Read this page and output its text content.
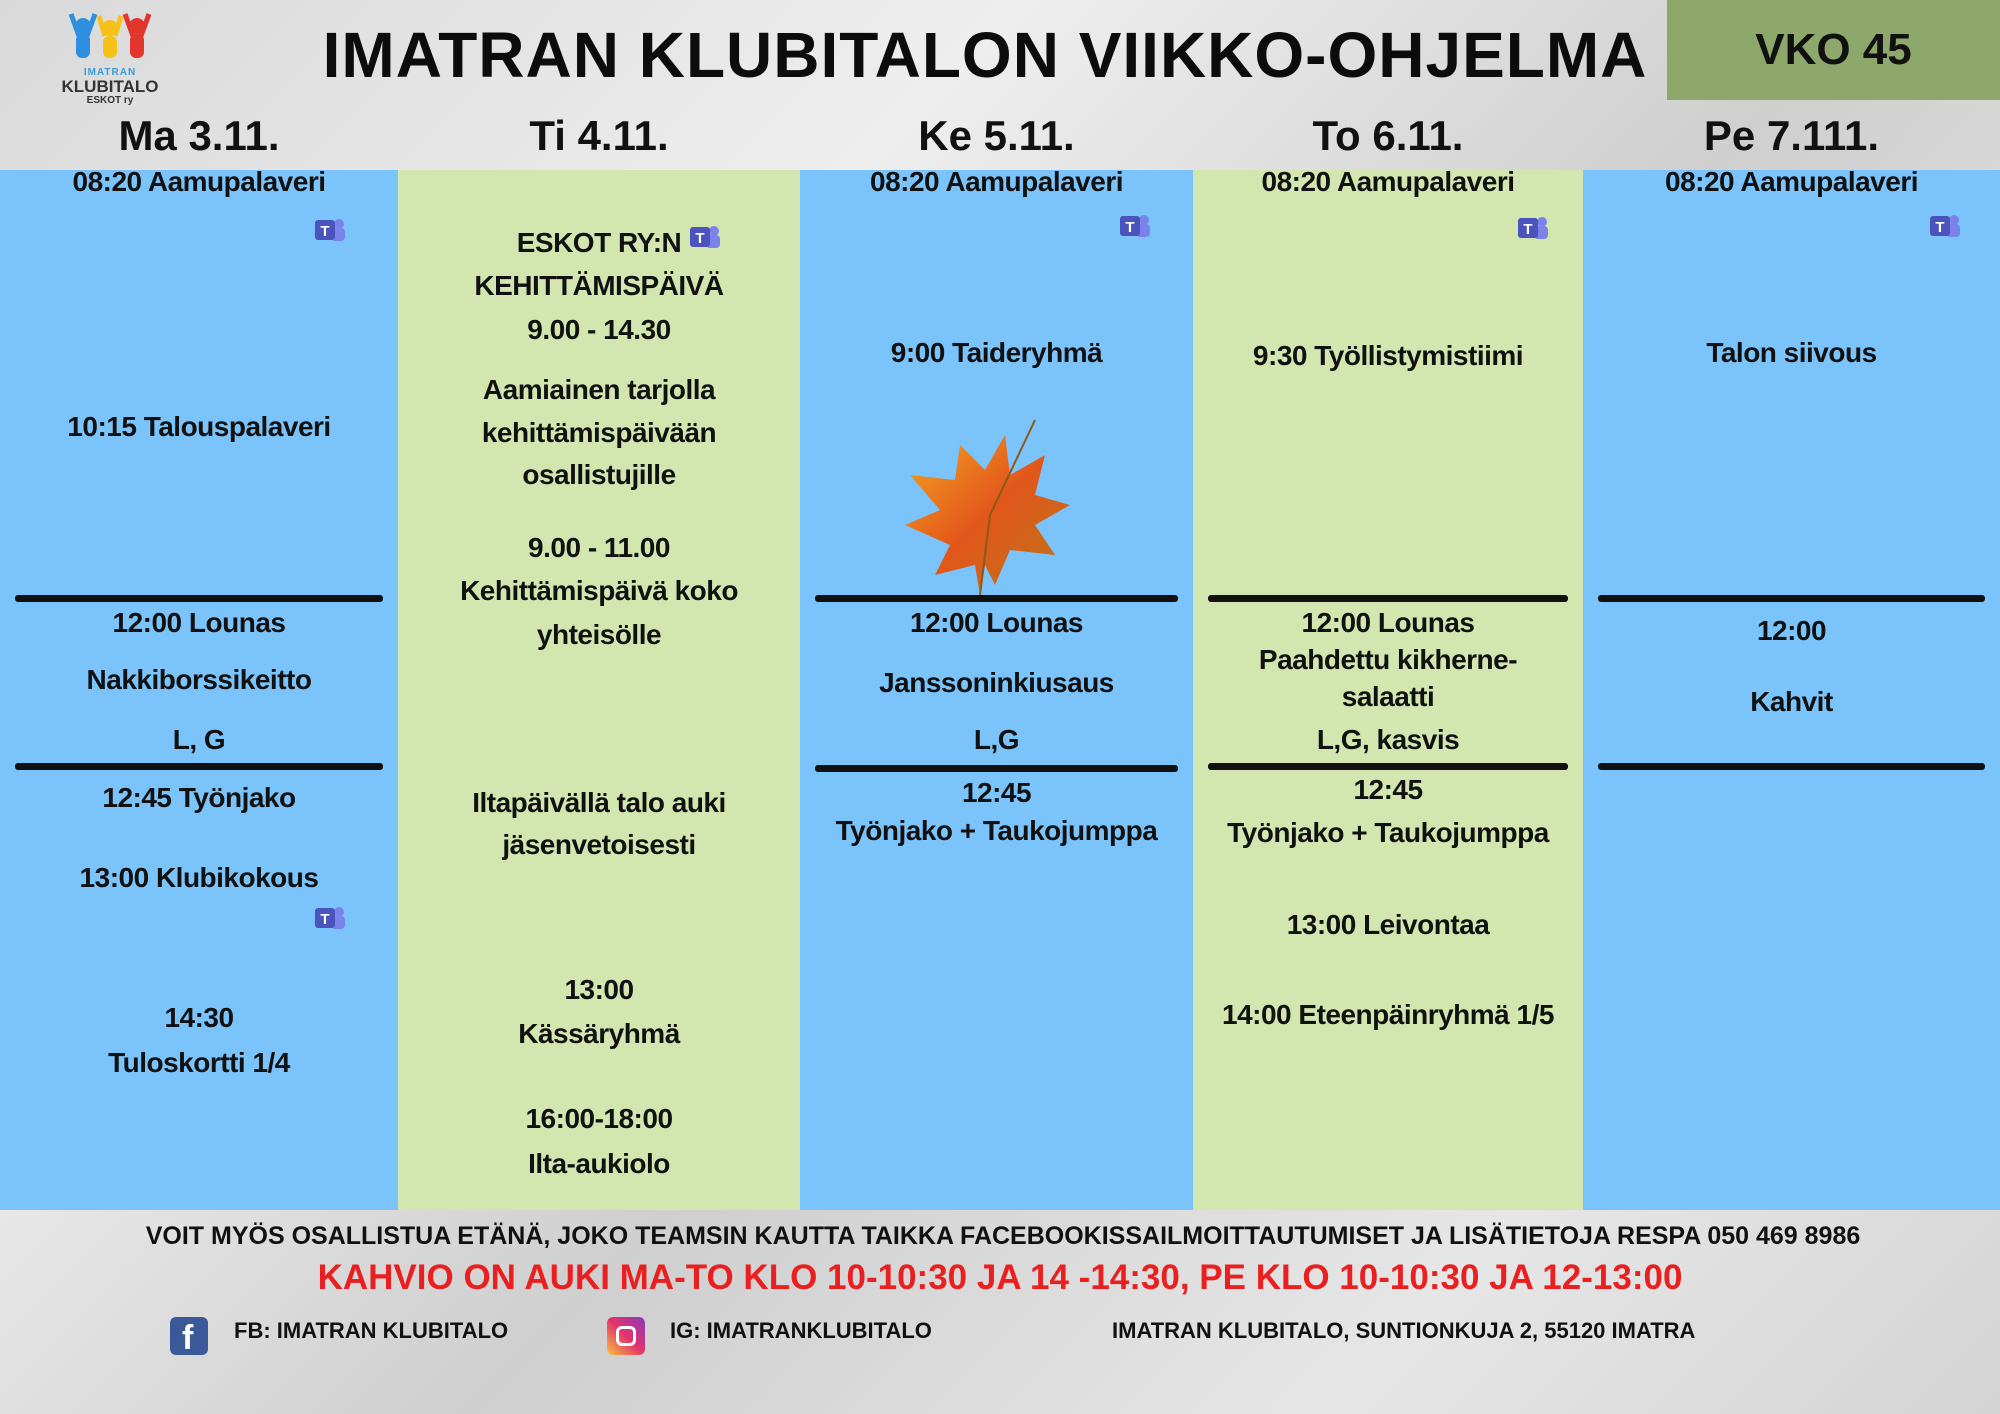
IMATRAN
KLUBITALO
ESKOT ry
IMATRAN KLUBITALON VIIKKO-OHJELMA	VKO 45
Ma 3.11.
08:20 Aamupalaveri
10:15 Talouspalaveri
12:00 Lounas
Nakkiborssikeitto
L, G
12:45 Työnjako
13:00 Klubikokous
14:30
Tuloskortti 1/4
Ti 4.11.
ESKOT RY:N
KEHITTÄMISPÄIVÄ
9.00 - 14.30
Aamiainen tarjolla
kehittämispäivään
osallistujille
9.00 - 11.00
Kehittämispäivä koko
yhteisölle
Iltapäivällä talo auki
jäsenvetoisesti
13:00
Kässäryhmä
16:00-18:00
Ilta-aukiolo
Ke 5.11.
08:20 Aamupalaveri
9:00 Taideryhmä
12:00 Lounas
Janssoninkiusaus
L,G
12:45
Työnjako + Taukojumppa
To 6.11.
08:20 Aamupalaveri
9:30 Työllistymistiimi
12:00 Lounas
Paahdettu kikherne-
salaatti
L,G, kasvis
12:45
Työnjako + Taukojumppa
13:00 Leivontaa
14:00 Eteenpäinryhmä 1/5
Pe 7.111.
08:20 Aamupalaveri
Talon siivous
12:00
Kahvit
T
T
T
T	T	T
VOIT MYÖS OSALLISTUA ETÄNÄ, JOKO TEAMSIN KAUTTA TAIKKA FACEBOOKISSAILMOITTAUTUMISET JA LISÄTIETOJA RESPA 050 469 8986
KAHVIO ON AUKI MA-TO KLO 10-10:30 JA 14 -14:30, PE KLO 10-10:30 JA 12-13:00
f FB: IMATRAN KLUBITALO	IG: IMATRANKLUBITALO	IMATRAN KLUBITALO, SUNTIONKUJA 2, 55120 IMATRA
